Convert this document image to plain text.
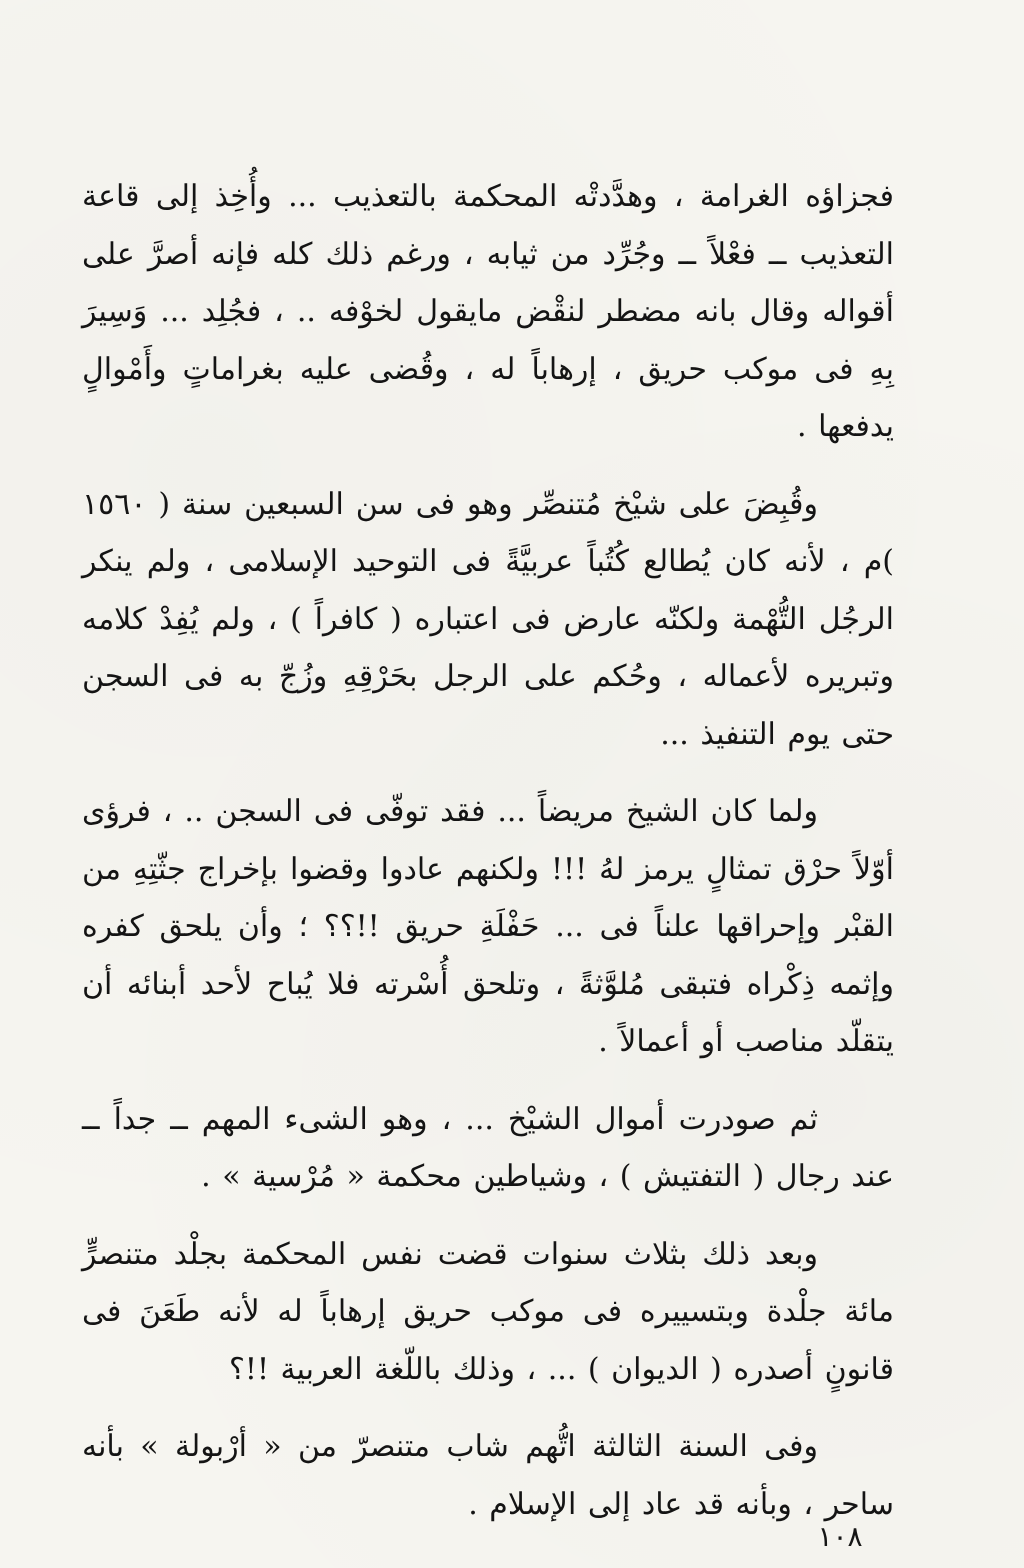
فجزاؤه الغرامة ، وهدَّدتْه المحكمة بالتعذيب ... وأُخِذ إلى قاعة التعذيب ــ فعْلاً ــ وجُرِّد من ثيابه ، ورغم ذلك كله فإنه أصرَّ على أقواله وقال بانه مضطر لنقْض مايقول لخوْفه .. ، فجُلِد ... وَسِيرَ بِهِ فى موكب حريق ، إرهاباً له ، وقُضى عليه بغراماتٍ وأَمْوالٍ يدفعها .

وقُبِضَ على شيْخ مُتنصِّر وهو فى سن السبعين سنة ( ١٥٦٠ )م ، لأنه كان يُطالع كُتُباً عربيَّةً فى التوحيد الإسلامى ، ولم ينكر الرجُل التُّهْمة ولكنّه عارض فى اعتباره ( كافراً ) ، ولم يُفِدْ كلامه وتبريره لأعماله ، وحُكم على الرجل بحَرْقِهِ وزُجّ به فى السجن حتى يوم التنفيذ ...

ولما كان الشيخ مريضاً ... فقد توفّى فى السجن .. ، فرؤى أوّلاً حرْق تمثالٍ يرمز لهُ !!! ولكنهم عادوا وقضوا بإخراج جثّتِهِ من القبْر وإحراقها علناً فى ... حَفْلَةِ حريق !!؟؟ ؛ وأن يلحق كفره وإثمه ذِكْراه فتبقى مُلوَّثةً ، وتلحق أُسْرته فلا يُباح لأحد أبنائه أن يتقلّد مناصب أو أعمالاً .

ثم صودرت أموال الشيْخ ... ، وهو الشىء المهم ــ جداً ــ عند رجال ( التفتيش ) ، وشياطين محكمة « مُرْسية » .

وبعد ذلك بثلاث سنوات قضت نفس المحكمة بجلْد متنصرٍّ مائة جلْدة وبتسييره فى موكب حريق إرهاباً له لأنه طَعَنَ فى قانونٍ أصدره ( الديوان ) ... ، وذلك باللّغة العربية !!؟

وفى السنة الثالثة اتُّهم شاب متنصرّ من « أرْبولة » بأنه ساحر ، وبأنه قد عاد إلى الإسلام .

١٠٨
